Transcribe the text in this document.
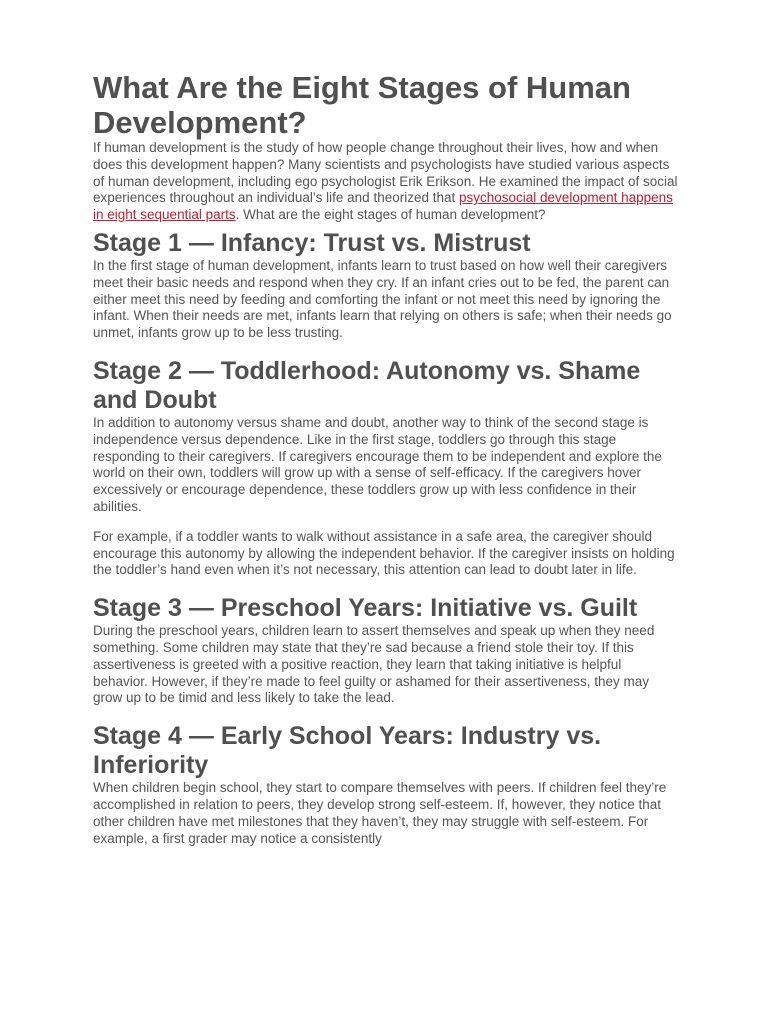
What Are the Eight Stages of Human Development?

If human development is the study of how people change throughout their lives, how and when does this development happen? Many scientists and psychologists have studied various aspects of human development, including ego psychologist Erik Erikson. He examined the impact of social experiences throughout an individual’s life and theorized that psychosocial development happens in eight sequential parts. What are the eight stages of human development?

Stage 1 — Infancy: Trust vs. Mistrust

In the first stage of human development, infants learn to trust based on how well their caregivers meet their basic needs and respond when they cry. If an infant cries out to be fed, the parent can either meet this need by feeding and comforting the infant or not meet this need by ignoring the infant. When their needs are met, infants learn that relying on others is safe; when their needs go unmet, infants grow up to be less trusting.

Stage 2 — Toddlerhood: Autonomy vs. Shame and Doubt

In addition to autonomy versus shame and doubt, another way to think of the second stage is independence versus dependence. Like in the first stage, toddlers go through this stage responding to their caregivers. If caregivers encourage them to be independent and explore the world on their own, toddlers will grow up with a sense of self-efficacy. If the caregivers hover excessively or encourage dependence, these toddlers grow up with less confidence in their abilities.

For example, if a toddler wants to walk without assistance in a safe area, the caregiver should encourage this autonomy by allowing the independent behavior. If the caregiver insists on holding the toddler’s hand even when it’s not necessary, this attention can lead to doubt later in life.

Stage 3 — Preschool Years: Initiative vs. Guilt

During the preschool years, children learn to assert themselves and speak up when they need something. Some children may state that they’re sad because a friend stole their toy. If this assertiveness is greeted with a positive reaction, they learn that taking initiative is helpful behavior. However, if they’re made to feel guilty or ashamed for their assertiveness, they may grow up to be timid and less likely to take the lead.

Stage 4 — Early School Years: Industry vs. Inferiority

When children begin school, they start to compare themselves with peers. If children feel they’re accomplished in relation to peers, they develop strong self-esteem. If, however, they notice that other children have met milestones that they haven’t, they may struggle with self-esteem. For example, a first grader may notice a consistently
